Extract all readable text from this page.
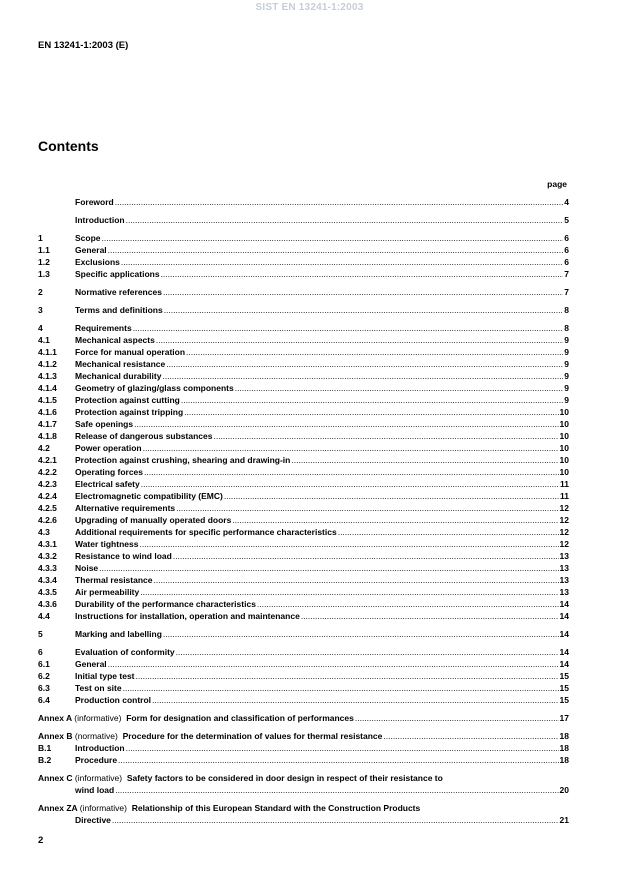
SIST EN 13241-1:2003
EN 13241-1:2003 (E)
Contents
page
Foreword .....	4
Introduction .....	5
1	Scope .....	6
1.1	General .....	6
1.2	Exclusions .....	6
1.3	Specific applications .....	7
2	Normative references .....	7
3	Terms and definitions .....	8
4	Requirements .....	8
4.1	Mechanical aspects .....	9
4.1.1	Force for manual operation .....	9
4.1.2	Mechanical resistance .....	9
4.1.3	Mechanical durability .....	9
4.1.4	Geometry of glazing/glass components .....	9
4.1.5	Protection against cutting .....	9
4.1.6	Protection against tripping .....	10
4.1.7	Safe openings .....	10
4.1.8	Release of dangerous substances .....	10
4.2	Power operation .....	10
4.2.1	Protection against crushing, shearing and drawing-in .....	10
4.2.2	Operating forces .....	10
4.2.3	Electrical safety .....	11
4.2.4	Electromagnetic compatibility (EMC) .....	11
4.2.5	Alternative requirements .....	12
4.2.6	Upgrading of manually operated doors .....	12
4.3	Additional requirements for specific performance characteristics .....	12
4.3.1	Water tightness .....	12
4.3.2	Resistance to wind load .....	13
4.3.3	Noise .....	13
4.3.4	Thermal resistance .....	13
4.3.5	Air permeability .....	13
4.3.6	Durability of the performance characteristics .....	14
4.4	Instructions for installation, operation and maintenance .....	14
5	Marking and labelling .....	14
6	Evaluation of conformity .....	14
6.1	General .....	14
6.2	Initial type test .....	15
6.3	Test on site .....	15
6.4	Production control .....	15
Annex A (informative) Form for designation and classification of performances .....	17
Annex B (normative) Procedure for the determination of values for thermal resistance .....	18
B.1	Introduction .....	18
B.2	Procedure .....	18
Annex C (informative) Safety factors to be considered in door design in respect of their resistance to
wind load .....	20
Annex ZA (informative) Relationship of this European Standard with the Construction Products
Directive .....	21
2
